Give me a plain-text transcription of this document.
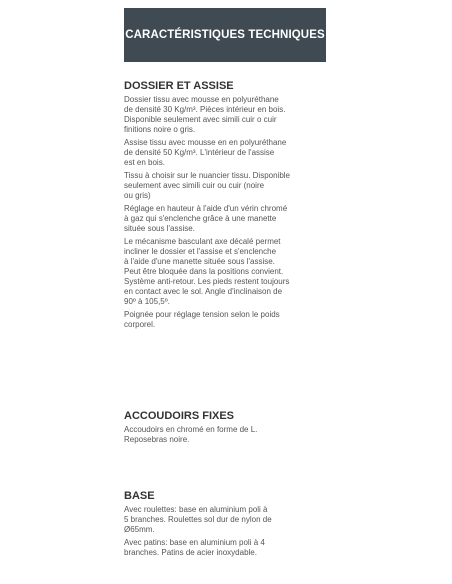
CARACTÉRISTIQUES TECHNIQUES
DOSSIER ET ASSISE
Dossier tissu avec mousse en polyuréthane
de densité 30 Kg/m³. Pièces intérieur en bois.
Disponible seulement avec simili cuir o cuir
finitions noire o gris.
Assise tissu avec mousse en en polyuréthane
de densité 50 Kg/m³. L'intérieur de l'assise
est en bois.
Tissu à choisir sur le nuancier tissu. Disponible
seulement avec simili cuir ou cuir (noire
ou gris)
Réglage en hauteur à l'aide d'un vérin chromé
à gaz qui s'enclenche grâce à une manette
située sous l'assise.
Le mécanisme basculant axe décalé permet
incliner le dossier et l'assise et s'enclenche
à l'aide d'une manette située sous l'assise.
Peut être bloquée dans la positions convient.
Système anti-retour. Les pieds restent toujours
en contact avec le sol. Angle d'inclinaison de
90º à 105,5º.
Poignée pour réglage tension selon le poids
corporel.
ACCOUDOIRS FIXES
Accoudoirs en chromé en forme de L.
Reposebras noire.
BASE
Avec roulettes: base en aluminium poli à
5 branches. Roulettes sol dur de nylon de
Ø65mm.
Avec patins: base en aluminium poli à 4
branches. Patins de acier inoxydable.
